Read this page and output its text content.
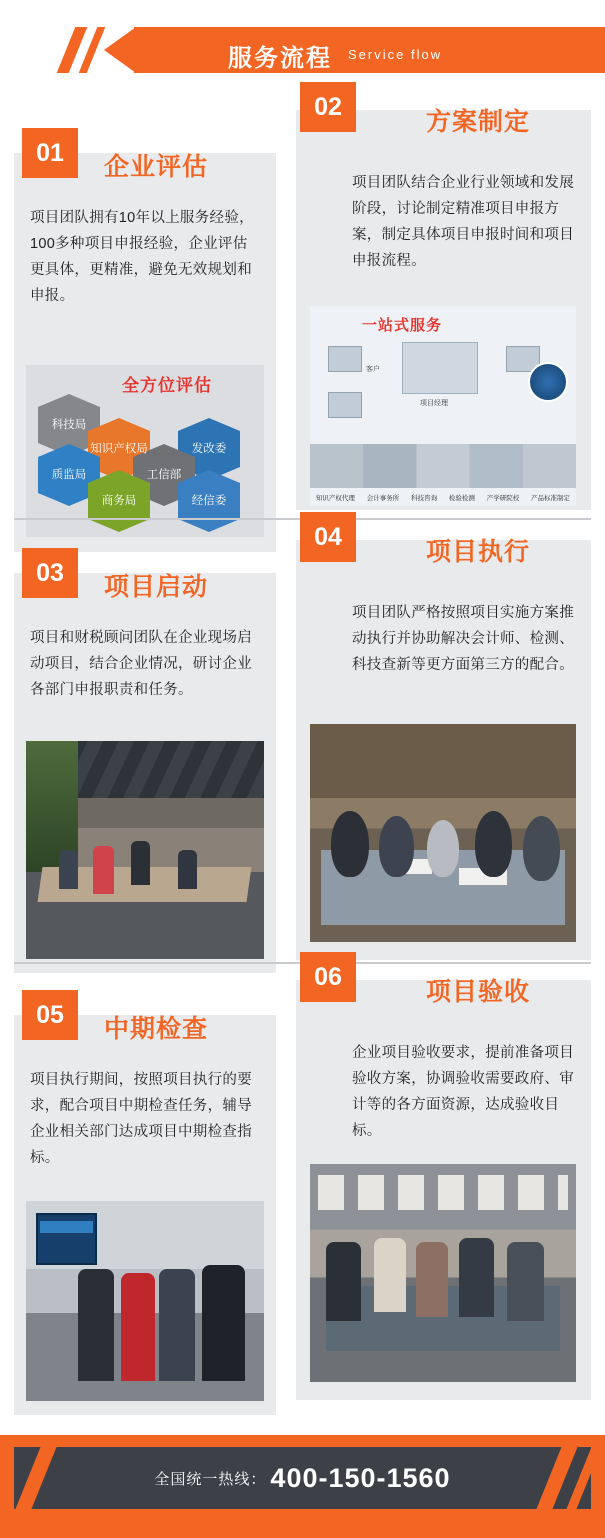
服务流程 Service flow
01	企业评估
项目团队拥有10年以上服务经验，100多种项目申报经验，企业评估更具体，更精准，避免无效规划和申报。
全方位评估
科技局
知识产权局	发改委
质监局	工信部
商务局	经信委
02
方案制定
项目团队结合企业行业领域和发展阶段，讨论制定精准项目申报方案，制定具体项目申报时间和项目申报流程。
一站式服务
客户
项目经理
知识产权代理 会计事务所 科技咨询 检验检测 产学研院校 产品标准制定
03	项目启动
项目和财税顾问团队在企业现场启动项目，结合企业情况，研讨企业各部门申报职责和任务。
04
项目执行
项目团队严格按照项目实施方案推动执行并协助解决会计师、检测、科技查新等更方面第三方的配合。
05	中期检查
项目执行期间，按照项目执行的要求，配合项目中期检查任务，辅导企业相关部门达成项目中期检查指标。
06
项目验收
企业项目验收要求，提前准备项目验收方案，协调验收需要政府、审计等的各方面资源，达成验收目标。
全国统一热线： 400-150-1560
